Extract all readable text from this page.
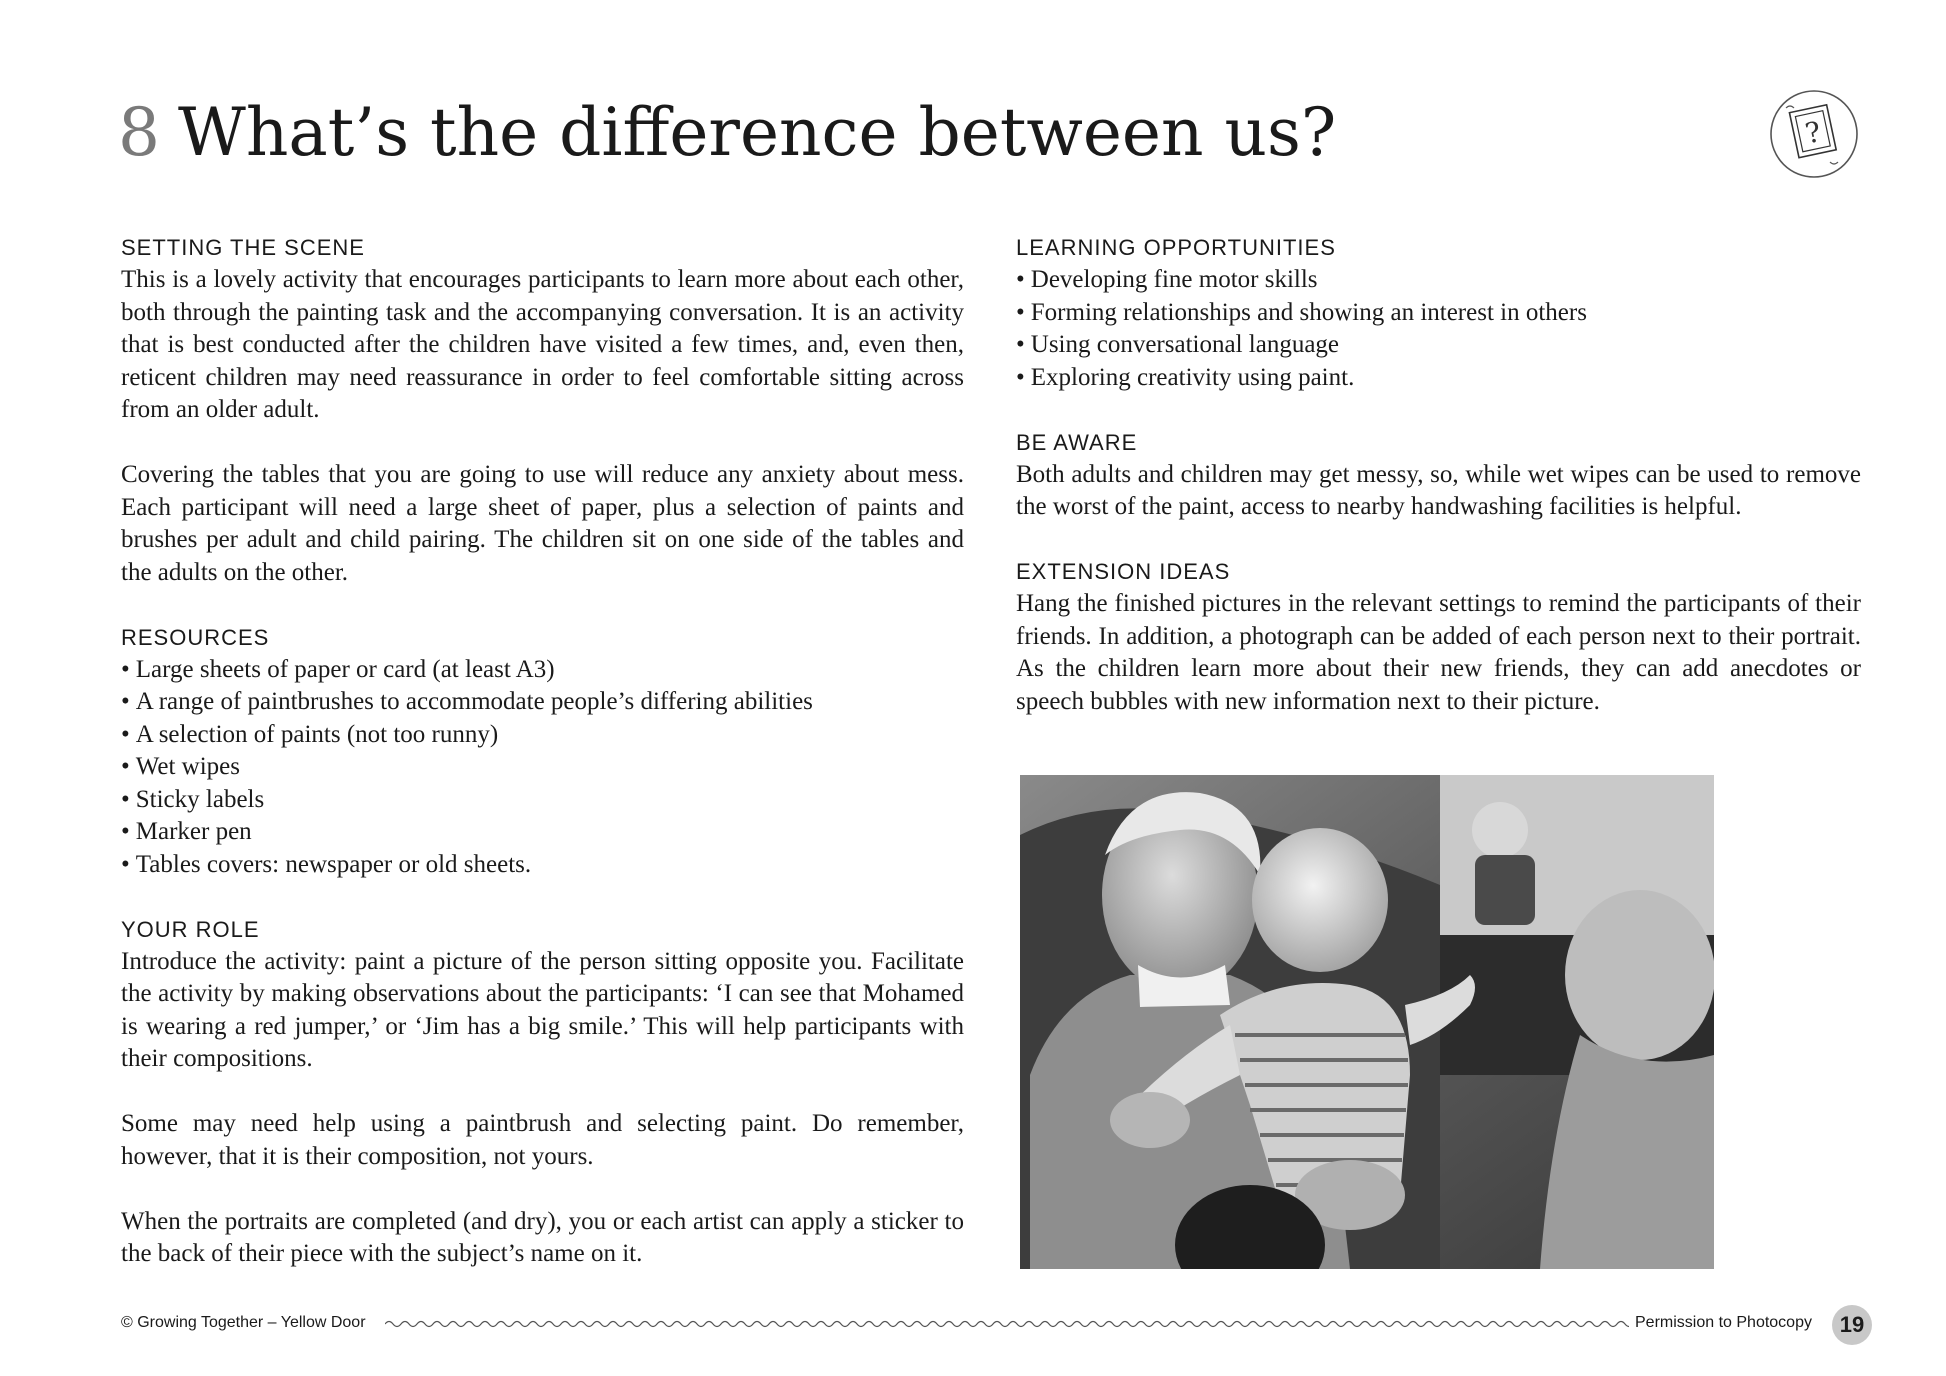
8 What’s the difference between us?	?
SETTING THE SCENE

This is a lovely activity that encourages participants to learn more about each other, both through the painting task and the accompanying conversation. It is an activity that is best conducted after the children have visited a few times, and, even then, reticent children may need reassurance in order to feel comfortable sitting across from an older adult.

Covering the tables that you are going to use will reduce any anxiety about mess. Each participant will need a large sheet of paper, plus a selection of paints and brushes per adult and child pairing. The children sit on one side of the tables and the adults on the other.

RESOURCES
• Large sheets of paper or card (at least A3)
• A range of paintbrushes to accommodate people’s differing abilities
• A selection of paints (not too runny)
• Wet wipes
• Sticky labels
• Marker pen
• Tables covers: newspaper or old sheets.
YOUR ROLE

Introduce the activity: paint a picture of the person sitting opposite you. Facilitate the activity by making observations about the participants: ‘I can see that Mohamed is wearing a red jumper,’ or ‘Jim has a big smile.’ This will help participants with their compositions.

Some may need help using a paintbrush and selecting paint. Do remember, however, that it is their composition, not yours.

When the portraits are completed (and dry), you or each artist can apply a sticker to the back of their piece with the subject’s name on it.

LEARNING OPPORTUNITIES
• Developing fine motor skills
• Forming relationships and showing an interest in others
• Using conversational language
• Exploring creativity using paint.
BE AWARE

Both adults and children may get messy, so, while wet wipes can be used to remove the worst of the paint, access to nearby handwashing facilities is helpful.

EXTENSION IDEAS

Hang the finished pictures in the relevant settings to remind the participants of their friends. In addition, a photograph can be added of each person next to their portrait. As the children learn more about their new friends, they can add anecdotes or speech bubbles with new information next to their picture.

© Growing Together – Yellow Door	Permission to Photocopy	19
